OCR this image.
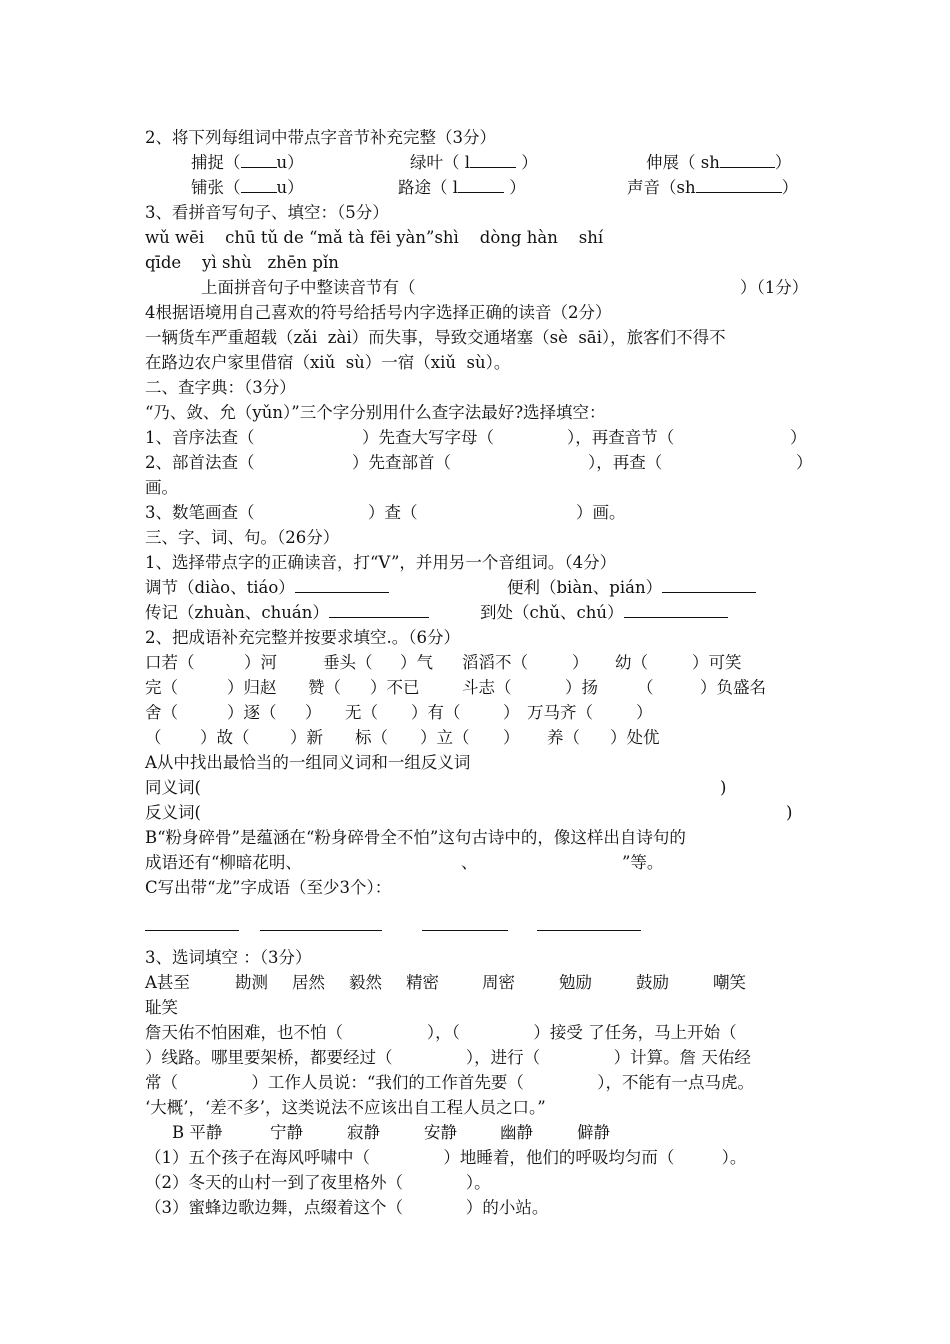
2、将下列每组词中带点字音节补充完整（3分）
捕捉（ u）	绿叶（ l	）	伸展（ sh	）
铺张（ u）	路途（ l	）	声音（sh	）
3、看拼音写句子、填空：（5分）
wǔ wēi    chū tǔ de “mǎ tà fēi yàn”shì    dòng hàn    shí
qīde    yì shù   zhēn pǐn
上面拼音句子中整读音节有（	）（1分）
4根据语境用自己喜欢的符号给括号内字选择正确的读音（2分）
一辆货车严重超载（zǎi  zài）而失事，导致交通堵塞（sè  sāi），旅客们不得不
在路边农户家里借宿（xiǔ  sù）一宿（xiǔ  sù）。
二、查字典：（3分）
“乃、敛、允（yǔn）”三个字分别用什么查字法最好?选择填空：
1、音序法查（	）先查大写字母（	），再查音节（	）
2、部首法查（	）先查部首（	），再查（	）
画。
3、数笔画查（	）查（	）画。
三、字、词、句。（26分）
1、选择带点字的正确读音，打“V”，并用另一个音组词。（4分）
调节（diào、tiáo）	便利（biàn、pián）
传记（zhuàn、chuán）	到处（chǔ、chú）
2、把成语补充完整并按要求填空.。（6分）
口若（	）河	垂头（ ）气 滔滔不（	） 幼（	）可笑
完（	）归赵 赞（ ）不已	斗志（	）扬 （	）负盛名
舍（	）逐（ ） 无（ ）有（	） 万马齐（	）
（ ）故（ ）新 标（ ）立（ ） 养（ ）处优
A从中找出最恰当的一组同义词和一组反义词
同义词(	)
反义词(	)
B“粉身碎骨”是蕴涵在“粉身碎骨全不怕”这句古诗中的，像这样出自诗句的
成语还有“柳暗花明、	、	”等。
C写出带“龙”字成语（至少3个）：
3、选词填空 ：（3分）
A甚至	勘测 居然 毅然 精密	周密	勉励	鼓励	嘲笑
耻笑
詹天佑不怕困难，也不怕（                ），（              ）接受 了任务，马上开始（
）线路。哪里要架桥，都要经过（              ），进行（              ）计算。詹 天佑经
常（              ）工作人员说：“我们的工作首先要（              ），不能有一点马虎。
‘大概’，‘差不多’，这类说法不应该出自工程人员之口。”
B 平静	宁静	寂静	安静	幽静	僻静
（1）五个孩子在海风呼啸中（              ）地睡着，他们的呼吸均匀而（         ）。
（2）冬天的山村一到了夜里格外（            ）。
（3）蜜蜂边歌边舞，点缀着这个（            ）的小站。
